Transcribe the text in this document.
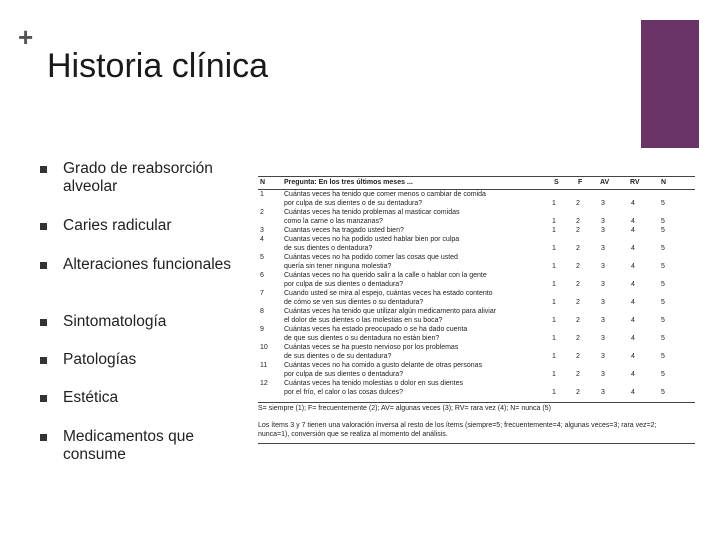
+
Historia clínica
Grado de reabsorción alveolar
Caries radicular
Alteraciones funcionales
Sintomatología
Patologías
Estética
Medicamentos que consume
N	Pregunta: En los tres últimos meses ...	S	F	AV	RV	N
1	Cuántas veces ha tenido que comer menos o cambiar de comida
por culpa de sus dientes o de su dentadura?	1	2	3	4	5
2	Cuántas veces ha tenido problemas al masticar comidas
como la carne o las manzanas?	1	2	3	4	5
3	Cuantas veces ha tragado usted bien?	1	2	3	4	5
4	Cuantas veces no ha podido usted hablar bien por culpa
de sus dientes o dentadura?	1	2	3	4	5
5	Cuántas veces no ha podido comer las cosas que usted
quería sin tener ninguna molestia?	1	2	3	4	5
6	Cuántas veces no ha querido salir a la calle o hablar con la gente
por culpa de sus dientes o dentadura?	1	2	3	4	5
7	Cuando usted se mira al espejo, cuántas veces ha estado contento
de cómo se ven sus dientes o su dentadura?	1	2	3	4	5
8	Cuántas veces ha tenido que utilizar algún medicamento para aliviar
el dolor de sus dientes o las molestias en su boca?	1	2	3	4	5
9	Cuántas veces ha estado preocupado o se ha dado cuenta
de que sus dientes o su dentadura no están bien?	1	2	3	4	5
10 Cuántas veces se ha puesto nervioso por los problemas
de sus dientes o de su dentadura?	1	2	3	4	5
11 Cuántas veces no ha comido a gusto delante de otras personas
por culpa de sus dientes o dentadura?	1	2	3	4	5
12 Cuántas veces ha tenido molestias o dolor en sus dientes
por el frío, el calor o las cosas dulces?	1	2	3	4	5
S= siempre (1); F= frecuentemente (2); AV= algunas veces (3); RV= rara vez (4); N= nunca (5)
Los ítems 3 y 7 tienen una valoración inversa al resto de los ítems (siempre=5; frecuentemente=4; algunas veces=3; rara vez=2;
nunca=1), conversión que se realiza al momento del análisis.
